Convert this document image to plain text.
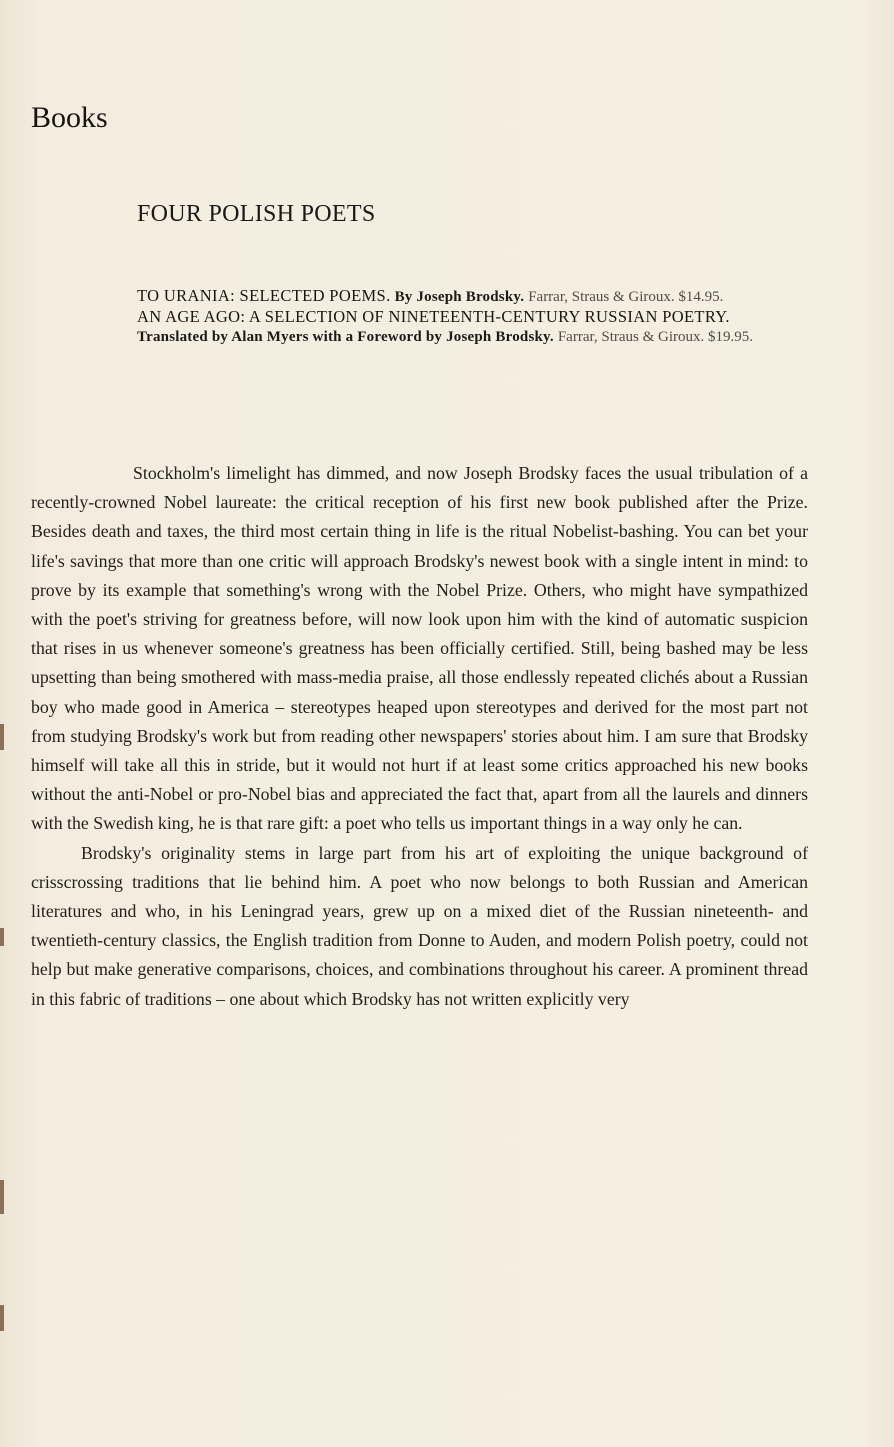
Books
FOUR POLISH POETS
TO URANIA: SELECTED POEMS. By Joseph Brodsky. Farrar, Straus & Giroux. $14.95.
AN AGE AGO: A SELECTION OF NINETEENTH-CENTURY RUSSIAN POETRY. Translated by Alan Myers with a Foreword by Joseph Brodsky. Farrar, Straus & Giroux. $19.95.

Stockholm's limelight has dimmed, and now Joseph Brodsky faces the usual tribulation of a recently-crowned Nobel laureate: the critical reception of his first new book published after the Prize. Besides death and taxes, the third most certain thing in life is the ritual Nobelist-bashing. You can bet your life's savings that more than one critic will approach Brodsky's newest book with a single intent in mind: to prove by its example that something's wrong with the Nobel Prize. Others, who might have sympathized with the poet's striving for greatness before, will now look upon him with the kind of automatic suspicion that rises in us whenever someone's greatness has been officially certified. Still, being bashed may be less upsetting than being smothered with mass-media praise, all those endlessly repeated clichés about a Russian boy who made good in America – stereotypes heaped upon stereotypes and derived for the most part not from studying Brodsky's work but from reading other newspapers' stories about him. I am sure that Brodsky himself will take all this in stride, but it would not hurt if at least some critics approached his new books without the anti-Nobel or pro-Nobel bias and appreciated the fact that, apart from all the laurels and dinners with the Swedish king, he is that rare gift: a poet who tells us important things in a way only he can.

Brodsky's originality stems in large part from his art of exploiting the unique background of crisscrossing traditions that lie behind him. A poet who now belongs to both Russian and American literatures and who, in his Leningrad years, grew up on a mixed diet of the Russian nineteenth- and twentieth-century classics, the English tradition from Donne to Auden, and modern Polish poetry, could not help but make generative comparisons, choices, and combinations throughout his career. A prominent thread in this fabric of traditions – one about which Brodsky has not written explicitly very
